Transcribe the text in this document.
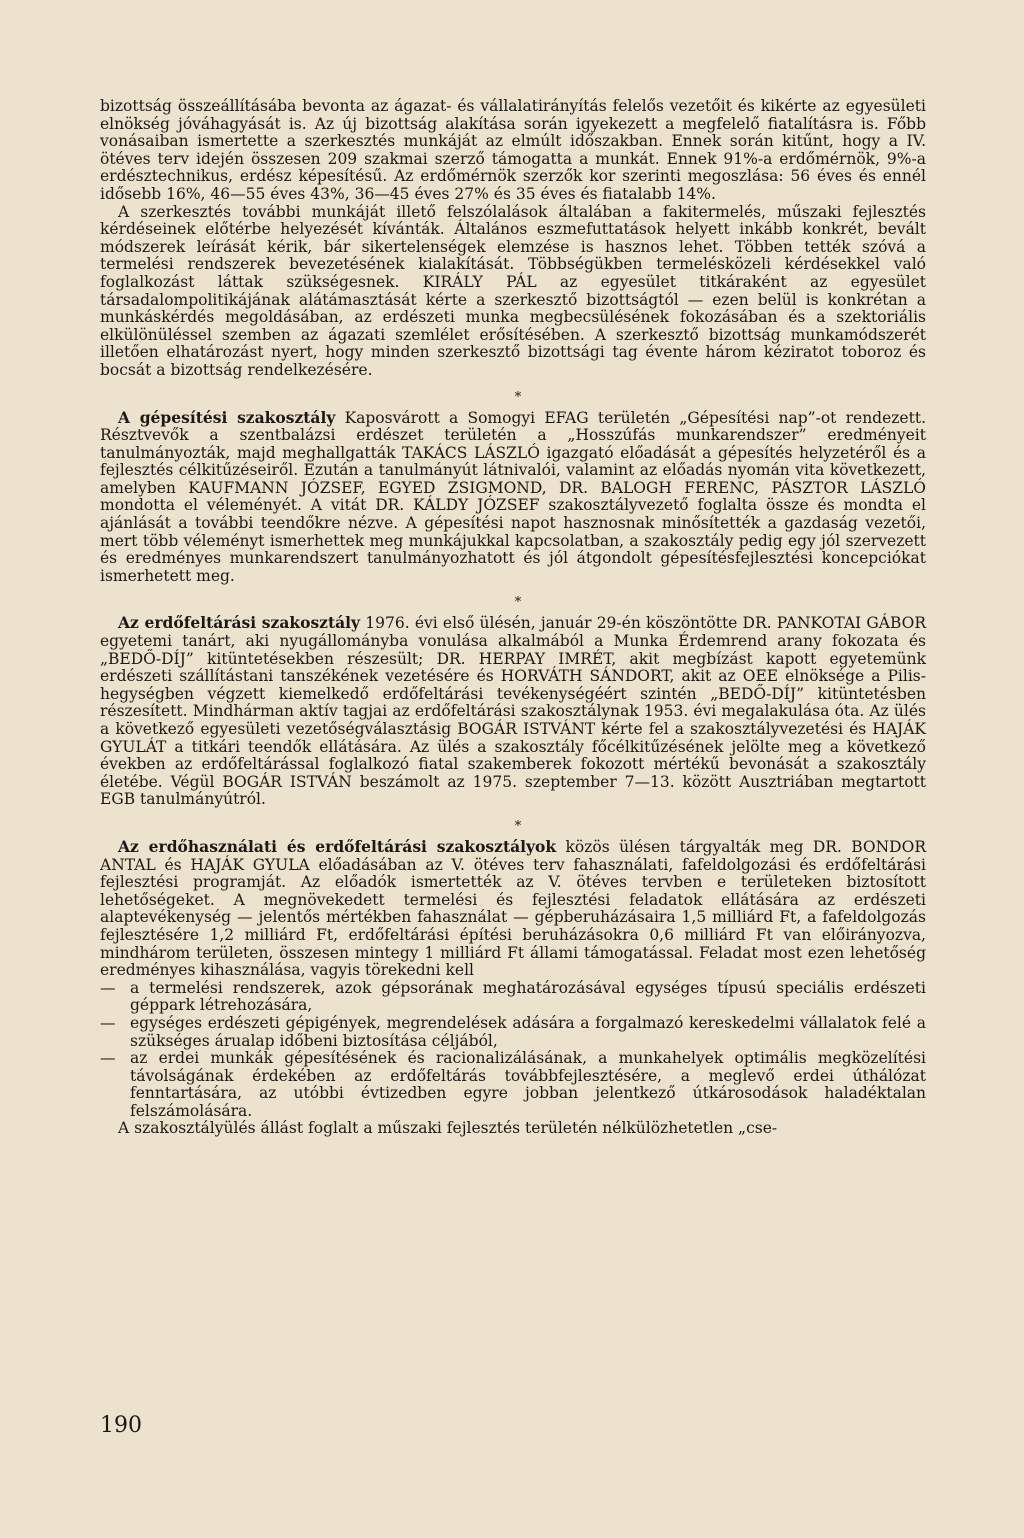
bizottság összeállításába bevonta az ágazat- és vállalatirányítás felelős vezetőit és kikérte az egyesületi elnökség jóváhagyását is. Az új bizottság alakítása során igyekezett a megfelelő fiatalításra is. Főbb vonásaiban ismertette a szerkesztés munkáját az elmúlt időszakban. Ennek során kitűnt, hogy a IV. ötéves terv idején összesen 209 szakmai szerző támogatta a munkát. Ennek 91%-a erdőmérnök, 9%-a erdésztechnikus, erdész képesítésű. Az erdőmérnök szerzők kor szerinti megoszlása: 56 éves és ennél idősebb 16%, 46—55 éves 43%, 36—45 éves 27% és 35 éves és fiatalabb 14%.

A szerkesztés további munkáját illető felszólalások általában a fakitermelés, műszaki fejlesztés kérdéseinek előtérbe helyezését kívánták. Általános eszmefuttatások helyett inkább konkrét, bevált módszerek leírását kérik, bár sikertelenségek elemzése is hasznos lehet. Többen tették szóvá a termelési rendszerek bevezetésének kialakítását. Többségükben termelésközeli kérdésekkel való foglalkozást láttak szükségesnek. KIRÁLY PÁL az egyesület titkáraként az egyesület társadalompolitikájának alátámasztását kérte a szerkesztő bizottságtól — ezen belül is konkrétan a munkáskérdés megoldásában, az erdészeti munka megbecsülésének fokozásában és a szektoriális elkülönüléssel szemben az ágazati szemlélet erősítésében. A szerkesztő bizottság munkamódszerét illetően elhatározást nyert, hogy minden szerkesztő bizottsági tag évente három kéziratot toboroz és bocsát a bizottság rendelkezésére.

*

A gépesítési szakosztály Kaposvárott a Somogyi EFAG területén „Gépesítési nap”-ot rendezett. Résztvevők a szentbalázsi erdészet területén a „Hosszúfás munkarendszer” eredményeit tanulmányozták, majd meghallgatták TAKÁCS LÁSZLÓ igazgató előadását a gépesítés helyzetéről és a fejlesztés célkitűzéseiről. Ezután a tanulmányút látnivalói, valamint az előadás nyomán vita következett, amelyben KAUFMANN JÓZSEF, EGYED ZSIGMOND, DR. BALOGH FERENC, PÁSZTOR LÁSZLÓ mondotta el véleményét. A vitát DR. KÁLDY JÓZSEF szakosztályvezető foglalta össze és mondta el ajánlását a további teendőkre nézve. A gépesítési napot hasznosnak minősítették a gazdaság vezetői, mert több véleményt ismerhettek meg munkájukkal kapcsolatban, a szakosztály pedig egy jól szervezett és eredményes munkarendszert tanulmányozhatott és jól átgondolt gépesítésfejlesztési koncepciókat ismerhetett meg.

*

Az erdőfeltárási szakosztály 1976. évi első ülésén, január 29-én köszöntötte DR. PANKOTAI GÁBOR egyetemi tanárt, aki nyugállományba vonulása alkalmából a Munka Érdemrend arany fokozata és „BEDŐ-DÍJ” kitüntetésekben részesült; DR. HERPAY IMRÉT, akit megbízást kapott egyetemünk erdészeti szállítástani tanszékének vezetésére és HORVÁTH SÁNDORT, akit az OEE elnöksége a Pilis-hegységben végzett kiemelkedő erdőfeltárási tevékenységéért szintén „BEDŐ-DÍJ” kitüntetésben részesített. Mindhárman aktív tagjai az erdőfeltárási szakosztálynak 1953. évi megalakulása óta. Az ülés a következő egyesületi vezetőségválasztásig BOGÁR ISTVÁNT kérte fel a szakosztályvezetési és HAJÁK GYULÁT a titkári teendők ellátására. Az ülés a szakosztály főcélkitűzésének jelölte meg a következő években az erdőfeltárással foglalkozó fiatal szakemberek fokozott mértékű bevonását a szakosztály életébe. Végül BOGÁR ISTVÁN beszámolt az 1975. szeptember 7—13. között Ausztriában megtartott EGB tanulmányútról.

*

Az erdőhasználati és erdőfeltárási szakosztályok közös ülésen tárgyalták meg DR. BONDOR ANTAL és HAJÁK GYULA előadásában az V. ötéves terv fahasználati, fafeldolgozási és erdőfeltárási fejlesztési programját. Az előadók ismertették az V. ötéves tervben e területeken biztosított lehetőségeket. A megnövekedett termelési és fejlesztési feladatok ellátására az erdészeti alaptevékenység — jelentős mértékben fahasználat — gépberuházásaira 1,5 milliárd Ft, a fafeldolgozás fejlesztésére 1,2 milliárd Ft, erdőfeltárási építési beruházásokra 0,6 milliárd Ft van előirányozva, mindhárom területen, összesen mintegy 1 milliárd Ft állami támogatással. Feladat most ezen lehetőség eredményes kihasználása, vagyis törekedni kell

— a termelési rendszerek, azok gépsorának meghatározásával egységes típusú speciális erdészeti géppark létrehozására,
— egységes erdészeti gépigények, megrendelések adására a forgalmazó kereskedelmi vállalatok felé a szükséges árualap időbeni biztosítása céljából,
— az erdei munkák gépesítésének és racionalizálásának, a munkahelyek optimális megközelítési távolságának érdekében az erdőfeltárás továbbfejlesztésére, a meglevő erdei úthálózat fenntartására, az utóbbi évtizedben egyre jobban jelentkező útkárosodások haladéktalan felszámolására.

A szakosztályülés állást foglalt a műszaki fejlesztés területén nélkülözhetetlen „cse-

190
